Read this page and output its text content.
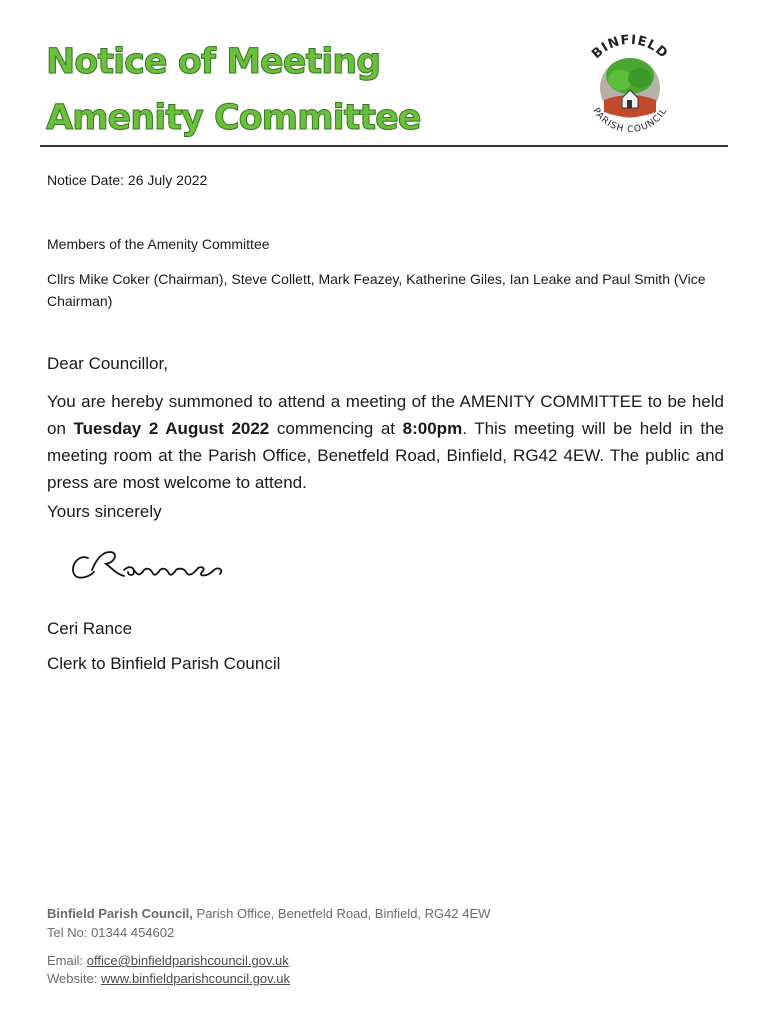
Notice of Meeting
Amenity Committee
BINFIELD
PARISH COUNCIL
Notice Date: 26 July 2022
Members of the Amenity Committee
Cllrs Mike Coker (Chairman), Steve Collett, Mark Feazey, Katherine Giles, Ian Leake and Paul Smith (Vice Chairman)
Dear Councillor,
You are hereby summoned to attend a meeting of the AMENITY COMMITTEE to be held on Tuesday 2 August 2022 commencing at 8:00pm. This meeting will be held in the meeting room at the Parish Office, Benetfeld Road, Binfield, RG42 4EW. The public and press are most welcome to attend.
Yours sincerely
Ceri Rance
Clerk to Binfield Parish Council
Binfield Parish Council, Parish Office, Benetfeld Road, Binfield, RG42 4EW
Tel No: 01344 454602
Email: office@binfieldparishcouncil.gov.uk
Website: www.binfieldparishcouncil.gov.uk
